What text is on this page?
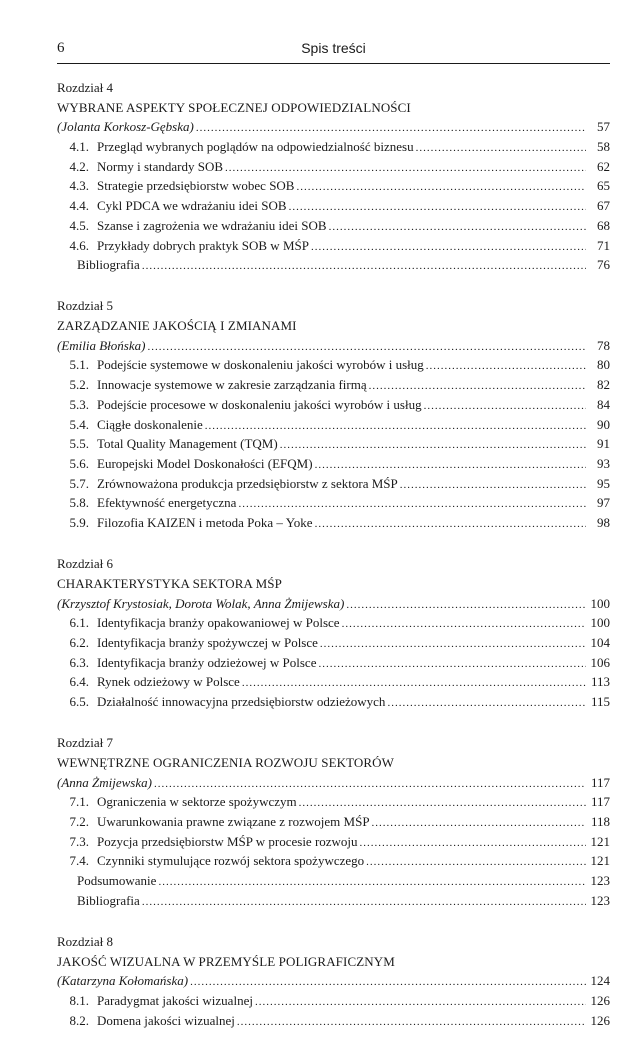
6	Spis treści
Rozdział 4
WYBRANE ASPEKTY SPOŁECZNEJ ODPOWIEDZIALNOŚCI
(Jolanta Korkosz-Gębska) .....	57
4.1. Przegląd wybranych poglądów na odpowiedzialność biznesu .....	58
4.2. Normy i standardy SOB .....	62
4.3. Strategie przedsiębiorstw wobec SOB .....	65
4.4. Cykl PDCA we wdrażaniu idei SOB .....	67
4.5. Szanse i zagrożenia we wdrażaniu idei SOB .....	68
4.6. Przykłady dobrych praktyk SOB w MŚP .....	71
Bibliografia .....	76
Rozdział 5
ZARZĄDZANIE JAKOŚCIĄ I ZMIANAMI
(Emilia Błońska) .....	78
5.1. Podejście systemowe w doskonaleniu jakości wyrobów i usług .....	80
5.2. Innowacje systemowe w zakresie zarządzania firmą .....	82
5.3. Podejście procesowe w doskonaleniu jakości wyrobów i usług .....	84
5.4. Ciągłe doskonalenie .....	90
5.5. Total Quality Management (TQM) .....	91
5.6. Europejski Model Doskonałości (EFQM) .....	93
5.7. Zrównoważona produkcja przedsiębiorstw z sektora MŚP .....	95
5.8. Efektywność energetyczna .....	97
5.9. Filozofia KAIZEN i metoda Poka – Yoke .....	98
Rozdział 6
CHARAKTERYSTYKA SEKTORA MŚP
(Krzysztof Krystosiak, Dorota Wolak, Anna Żmijewska) .....	100
6.1. Identyfikacja branży opakowaniowej w Polsce .....	100
6.2. Identyfikacja branży spożywczej w Polsce .....	104
6.3. Identyfikacja branży odzieżowej w Polsce .....	106
6.4. Rynek odzieżowy w Polsce .....	113
6.5. Działalność innowacyjna przedsiębiorstw odzieżowych .....	115
Rozdział 7
WEWNĘTRZNE OGRANICZENIA ROZWOJU SEKTORÓW
(Anna Żmijewska) .....	117
7.1. Ograniczenia w sektorze spożywczym .....	117
7.2. Uwarunkowania prawne związane z rozwojem MŚP .....	118
7.3. Pozycja przedsiębiorstw MŚP w procesie rozwoju .....	121
7.4. Czynniki stymulujące rozwój sektora spożywczego .....	121
Podsumowanie .....	123
Bibliografia .....	123
Rozdział 8
JAKOŚĆ WIZUALNA W PRZEMYŚLE POLIGRAFICZNYM
(Katarzyna Kołomańska) .....	124
8.1. Paradygmat jakości wizualnej .....	126
8.2. Domena jakości wizualnej .....	126
